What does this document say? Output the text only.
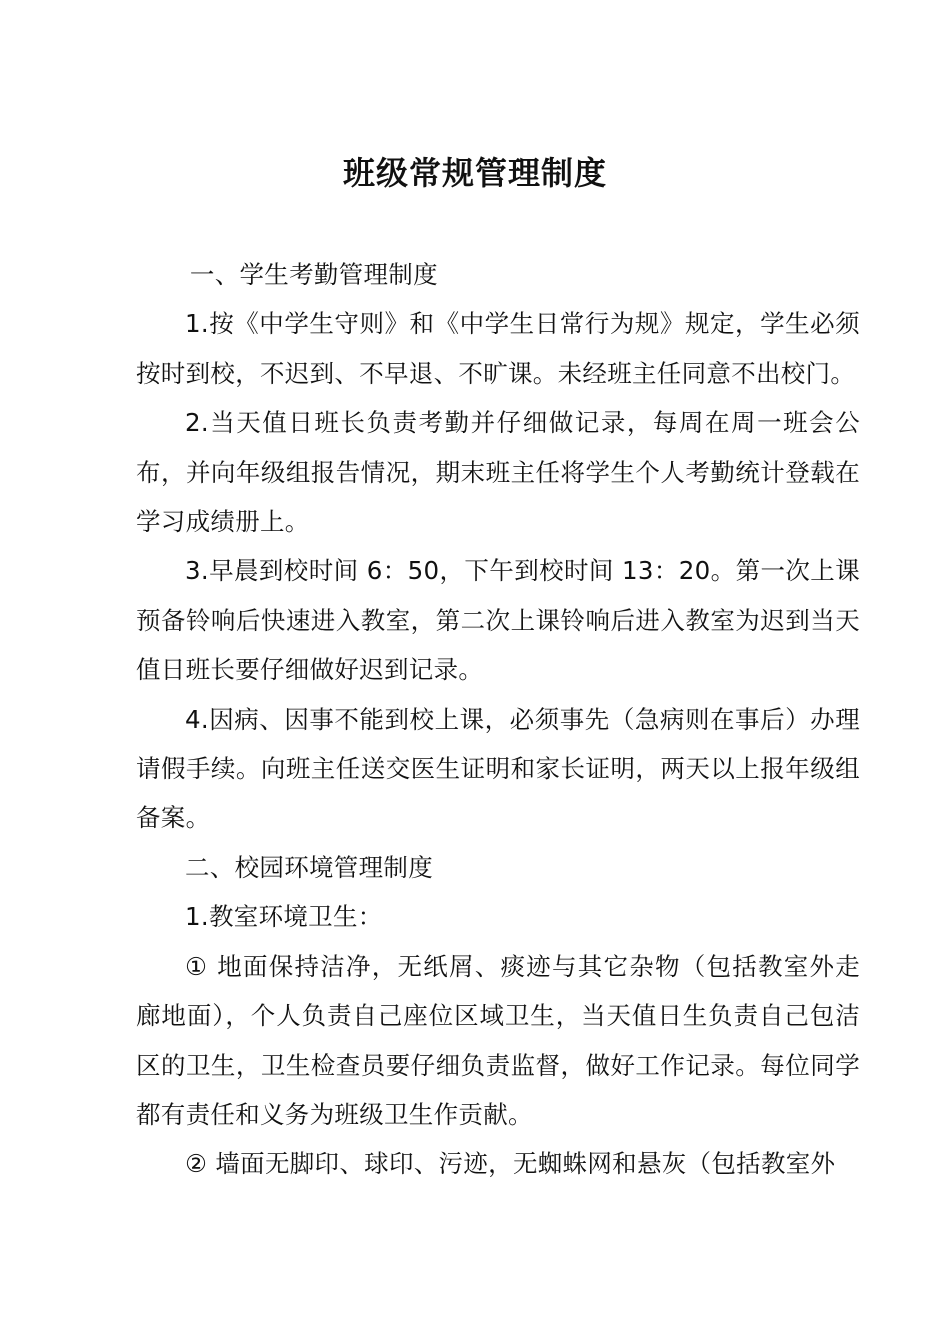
班级常规管理制度

一、学生考勤管理制度

1.按《中学生守则》和《中学生日常行为规》规定，学生必须按时到校，不迟到、不早退、不旷课。未经班主任同意不出校门。

2.当天值日班长负责考勤并仔细做记录，每周在周一班会公布，并向年级组报告情况，期末班主任将学生个人考勤统计登载在学习成绩册上。

3.早晨到校时间 6：50，下午到校时间 13：20。第一次上课预备铃响后快速进入教室，第二次上课铃响后进入教室为迟到当天值日班长要仔细做好迟到记录。

4.因病、因事不能到校上课，必须事先（急病则在事后）办理请假手续。向班主任送交医生证明和家长证明，两天以上报年级组备案。

二、校园环境管理制度

1.教室环境卫生：

① 地面保持洁净，无纸屑、痰迹与其它杂物（包括教室外走廊地面），个人负责自己座位区域卫生，当天值日生负责自己包洁区的卫生，卫生检查员要仔细负责监督，做好工作记录。每位同学都有责任和义务为班级卫生作贡献。

② 墙面无脚印、球印、污迹，无蜘蛛网和悬灰（包括教室外
